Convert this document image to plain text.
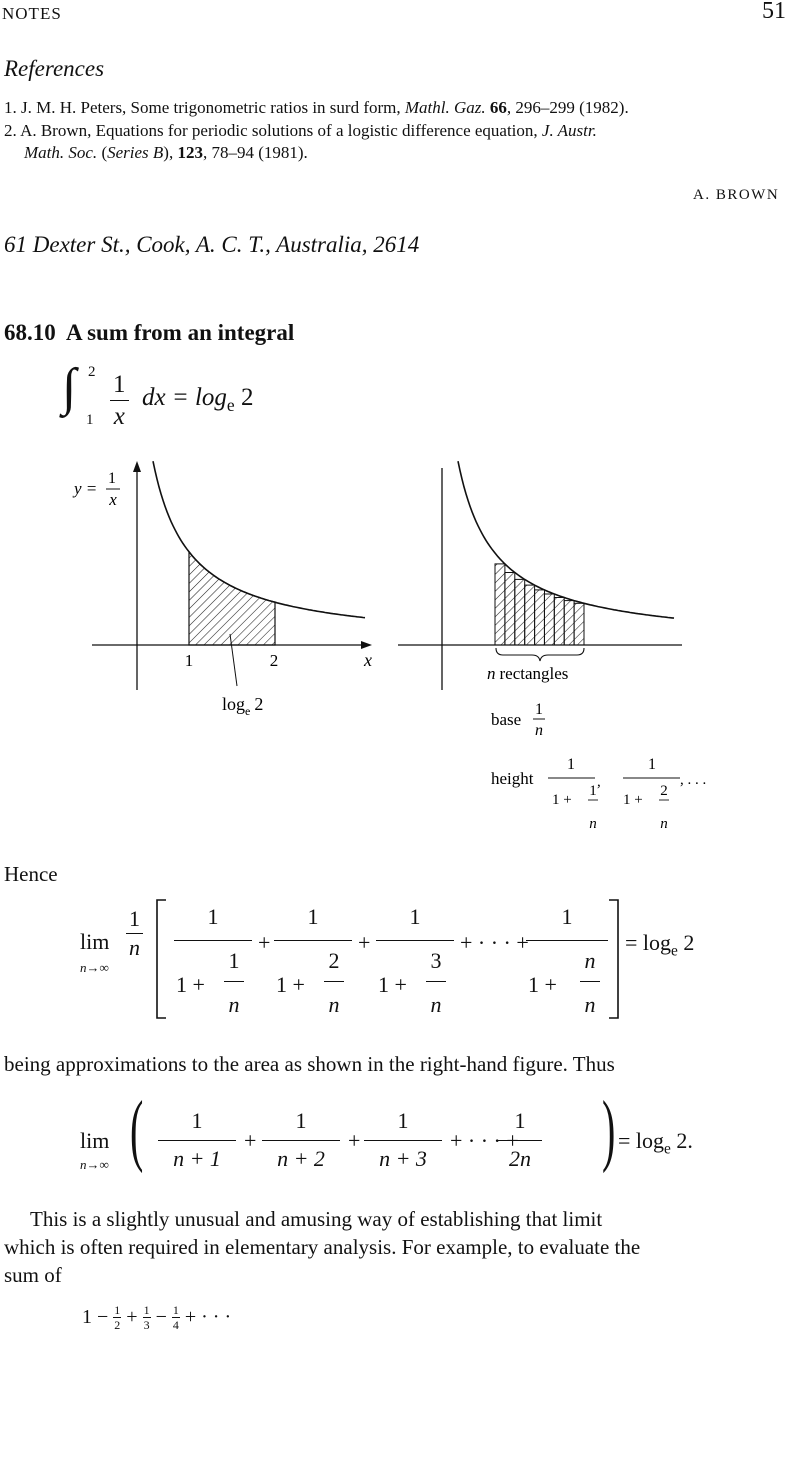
NOTES	51
References
1. J. M. H. Peters, Some trigonometric ratios in surd form, Mathl. Gaz. 66, 296–299 (1982).
2. A. Brown, Equations for periodic solutions of a logistic difference equation, J. Austr.
Math. Soc. (Series B), 123, 78–94 (1981).
A. BROWN
61 Dexter St., Cook, A. C. T., Australia, 2614
68.10  A sum from an integral
∫ 2
$1 \frac{1}{x}$ dx = $\log_e 2$
y =
1
x
1	2	x
$\log_e 2$
n rectangles
base
1
n
height
1
1 +
1
n
1
1 +
2
n
,	, . . .
Hence
lim
n→∞
$\frac{1}{n}$	1
1 +
1
n
+
1
1 +
2
n
+
1
1 +
3
n
1
1 +
n
n
+ · · · +	= $\log_e 2$
being approximations to the area as shown in the right-hand figure. Thus
lim
n→∞ (	)
1
n + 1
+
1
n + 2
+
1
n + 3
1
2n
+ · · · +	= $\log_e 2$.
This is a slightly unusual and amusing way of establishing that limit
which is often required in elementary analysis. For example, to evaluate the
sum of
$1 - \frac{1}{2} + \frac{1}{3} - \frac{1}{4}$ + · · ·
